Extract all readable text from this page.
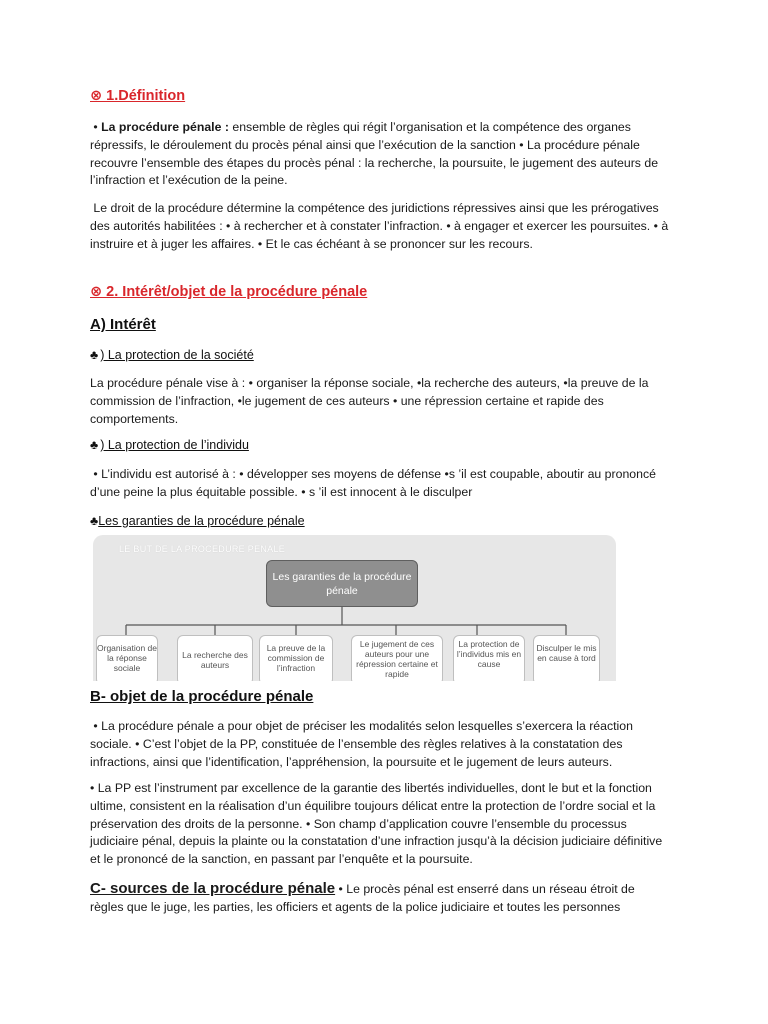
⊗ 1.Définition
• La procédure pénale : ensemble de règles qui régit l’organisation et la compétence des organes répressifs, le déroulement du procès pénal ainsi que l’exécution de la sanction • La procédure pénale recouvre l’ensemble des étapes du procès pénal : la recherche, la poursuite, le jugement des auteurs de l’infraction et l’exécution de la peine.
Le droit de la procédure détermine la compétence des juridictions répressives ainsi que les prérogatives des autorités habilitées : • à rechercher et à constater l’infraction. • à engager et exercer les poursuites. • à instruire et à juger les affaires. • Et le cas échéant à se prononcer sur les recours.
⊗ 2. Intérêt/objet de la procédure pénale
A) Intérêt
♣ ) La protection de la société
La procédure pénale vise à : • organiser la réponse sociale, •la recherche des auteurs, •la preuve de la commission de l’infraction, •le jugement de ces auteurs • une répression certaine et rapide des comportements.
♣ ) La protection de l’individu
• L’individu est autorisé à : • développer ses moyens de défense •s ’il est coupable, aboutir au prononcé d’une peine la plus équitable possible. • s ’il est innocent à le disculper
♣Les garanties de la procédure pénale
LE BUT DE LA PROCEDURE PENALE
Les garanties de la procédure pénale
Organisation de la réponse sociale
La recherche des auteurs
La preuve de la commission de l’infraction
Le jugement de ces auteurs pour une répression certaine et rapide
La protection de l’individus mis en cause
Disculper le mis en cause à tord
B- objet de la procédure pénale
• La procédure pénale a pour objet de préciser les modalités selon lesquelles s’exercera la réaction sociale. • C’est l’objet de la PP, constituée de l’ensemble des règles relatives à la constatation des infractions, ainsi que l’identification, l’appréhension, la poursuite et le jugement de leurs auteurs.
• La PP est l’instrument par excellence de la garantie des libertés individuelles, dont le but et la fonction ultime, consistent en la réalisation d’un équilibre toujours délicat entre la protection de l’ordre social et la préservation des droits de la personne. • Son champ d’application couvre l’ensemble du processus judiciaire pénal, depuis la plainte ou la constatation d’une infraction jusqu’à la décision judiciaire définitive et le prononcé de la sanction, en passant par l’enquête et la poursuite.
C- sources de la procédure pénale • Le procès pénal est enserré dans un réseau étroit de règles que le juge, les parties, les officiers et agents de la police judiciaire et toutes les personnes
